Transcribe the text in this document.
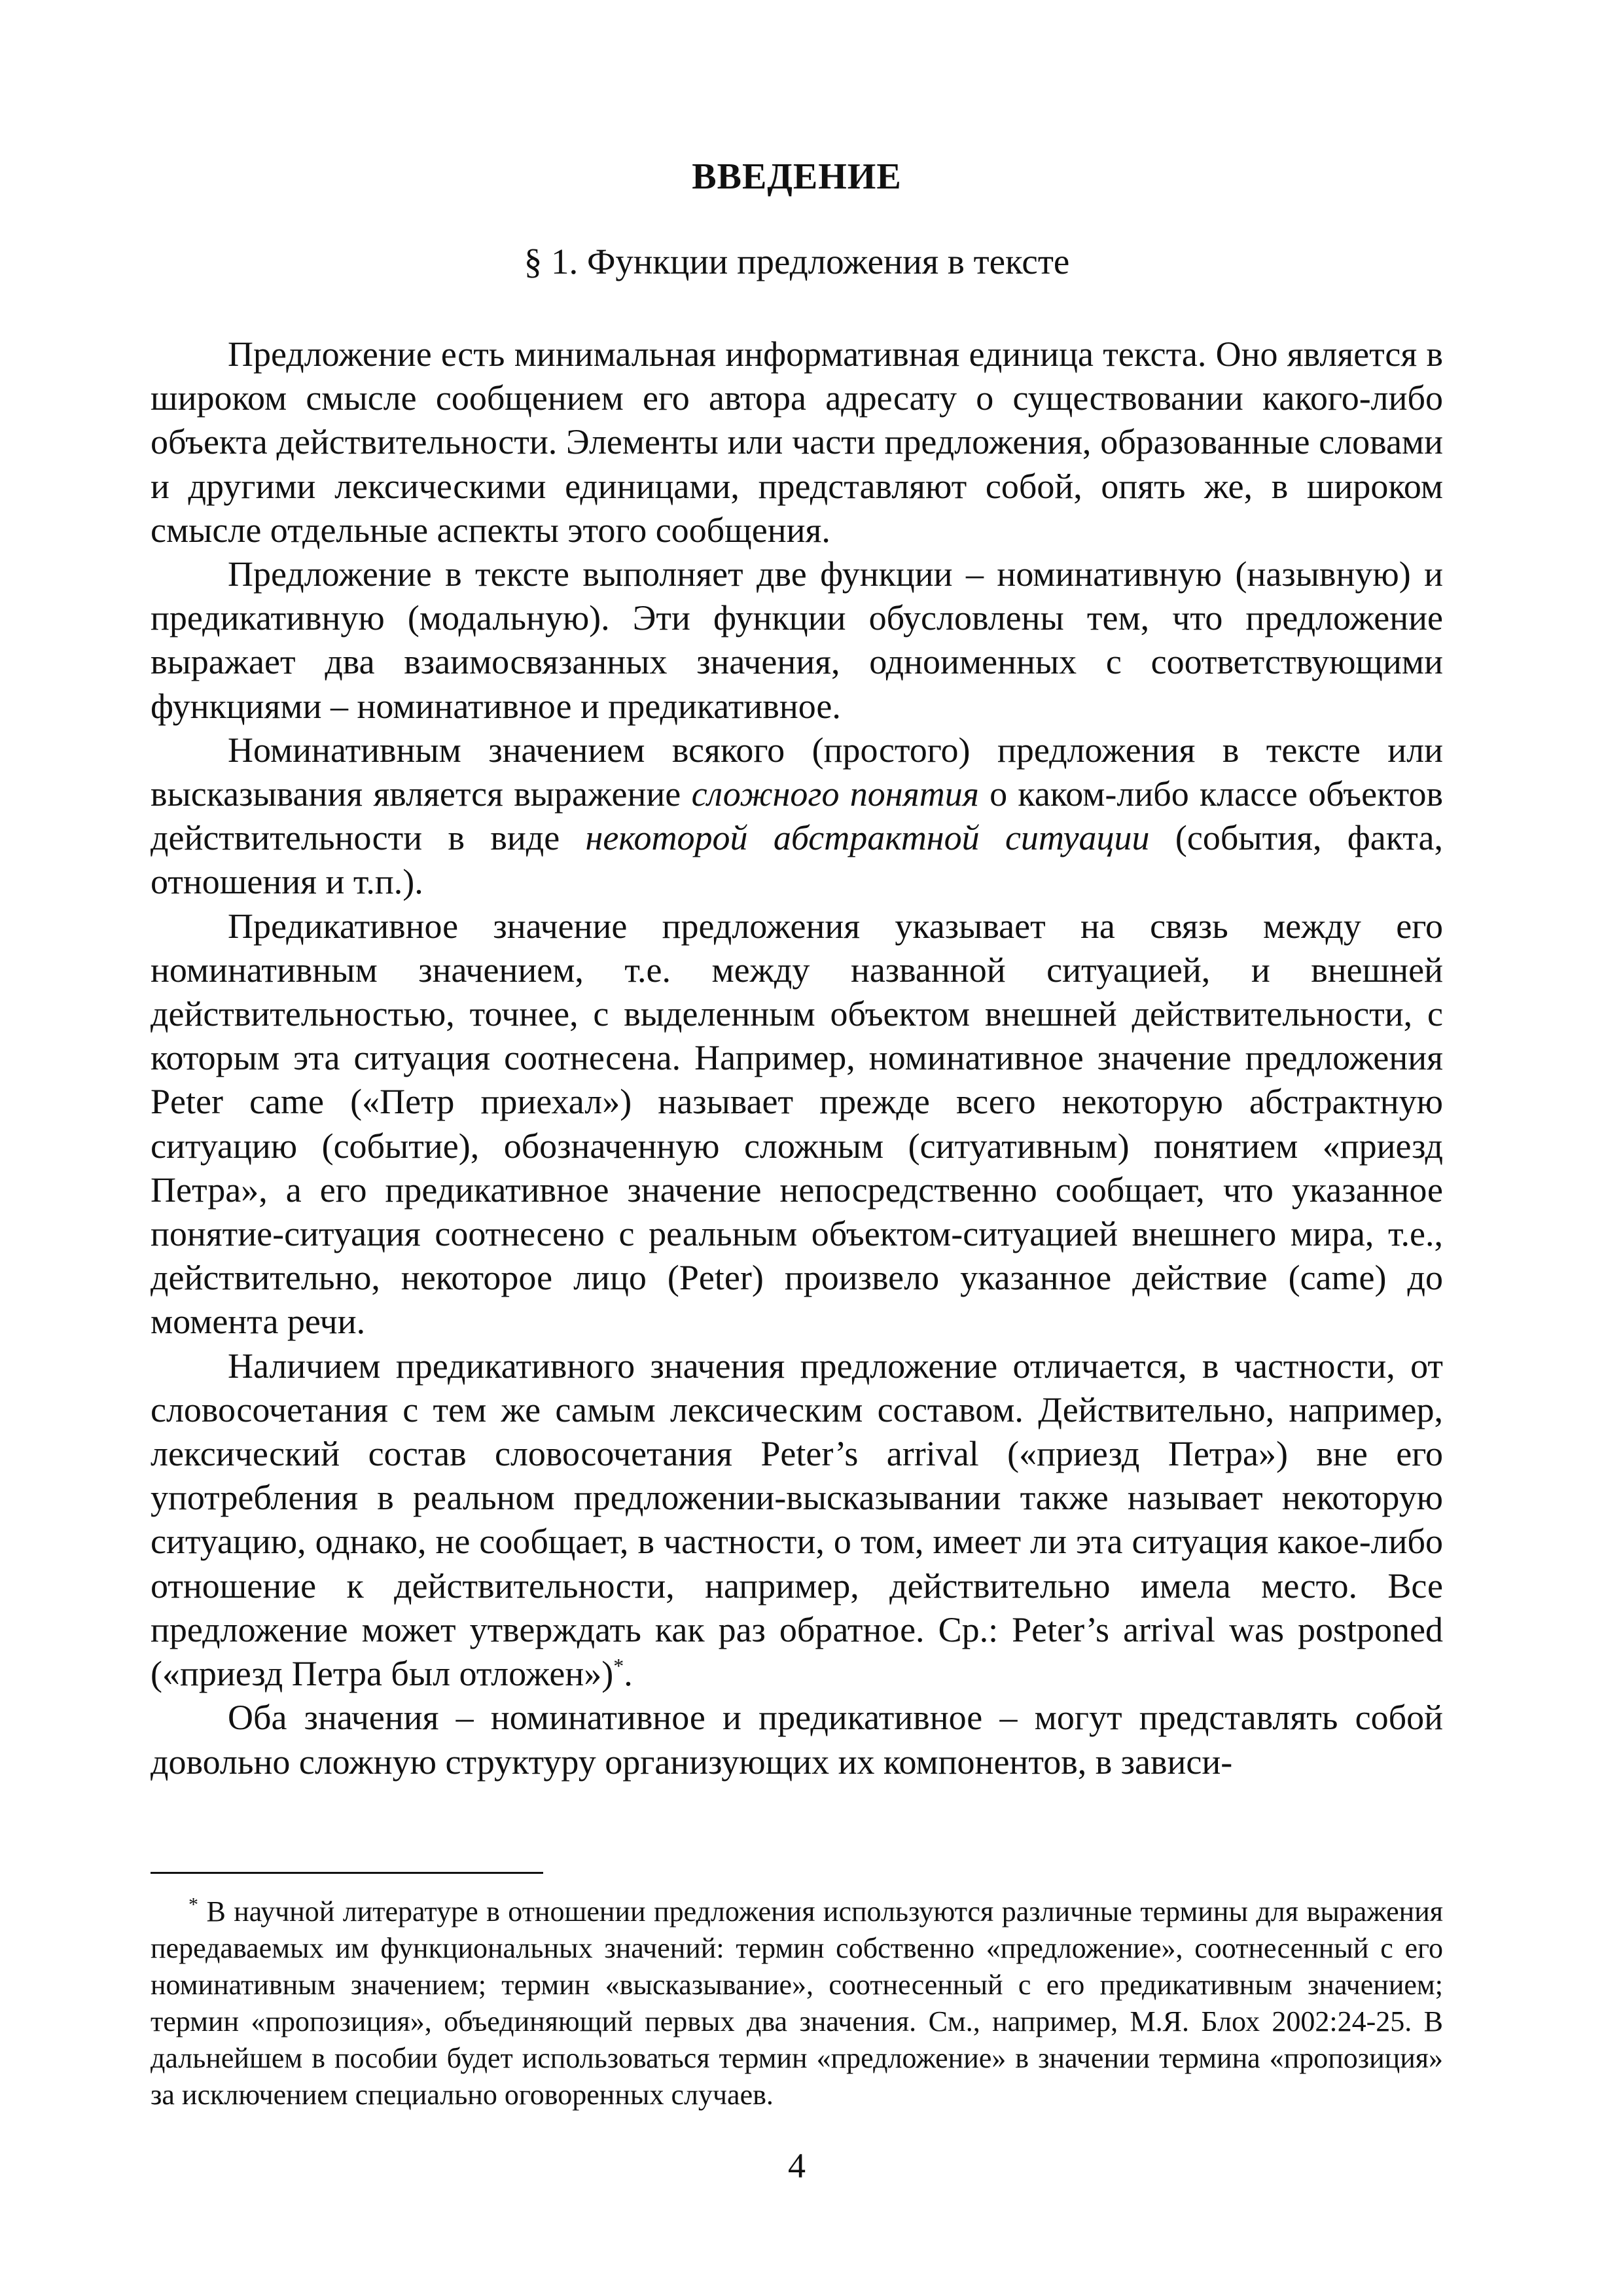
ВВЕДЕНИЕ
§ 1. Функции предложения в тексте

Предложение есть минимальная информативная единица текста. Оно является в широком смысле сообщением его автора адресату о существовании какого-либо объекта действительности. Элементы или части предложения, образованные словами и другими лексическими единицами, представляют собой, опять же, в широком смысле отдельные аспекты этого сообщения.

Предложение в тексте выполняет две функции – номинативную (назывную) и предикативную (модальную). Эти функции обусловлены тем, что предложение выражает два взаимосвязанных значения, одноименных с соответствующими функциями – номинативное и предикативное.

Номинативным значением всякого (простого) предложения в тексте или высказывания является выражение сложного понятия о каком-либо классе объектов действительности в виде некоторой абстрактной ситуации (события, факта, отношения и т.п.).

Предикативное значение предложения указывает на связь между его номинативным значением, т.е. между названной ситуацией, и внешней действительностью, точнее, с выделенным объектом внешней действительности, с которым эта ситуация соотнесена. Например, номинативное значение предложения Peter came («Петр приехал») называет прежде всего некоторую абстрактную ситуацию (событие), обозначенную сложным (ситуативным) понятием «приезд Петра», а его предикативное значение непосредственно сообщает, что указанное понятие-ситуация соотнесено с реальным объектом-ситуацией внешнего мира, т.е., действительно, некоторое лицо (Peter) произвело указанное действие (came) до момента речи.

Наличием предикативного значения предложение отличается, в частности, от словосочетания с тем же самым лексическим составом. Действительно, например, лексический состав словосочетания Peter’s arrival («приезд Петра») вне его употребления в реальном предложении-высказывании также называет некоторую ситуацию, однако, не сообщает, в частности, о том, имеет ли эта ситуация какое-либо отношение к действительности, например, действительно имела место. Все предложение может утверждать как раз обратное. Ср.: Peter’s arrival was postponed («приезд Петра был отложен»)*.

Оба значения – номинативное и предикативное – могут представлять собой довольно сложную структуру организующих их компонентов, в зависи-

* В научной литературе в отношении предложения используются различные термины для выражения передаваемых им функциональных значений: термин собственно «предложение», соотнесенный с его номинативным значением; термин «высказывание», соотнесенный с его предикативным значением; термин «пропозиция», объединяющий первых два значения. См., например, М.Я. Блох 2002:24-25. В дальнейшем в пособии будет использоваться термин «предложение» в значении термина «пропозиция» за исключением специально оговоренных случаев.

4
